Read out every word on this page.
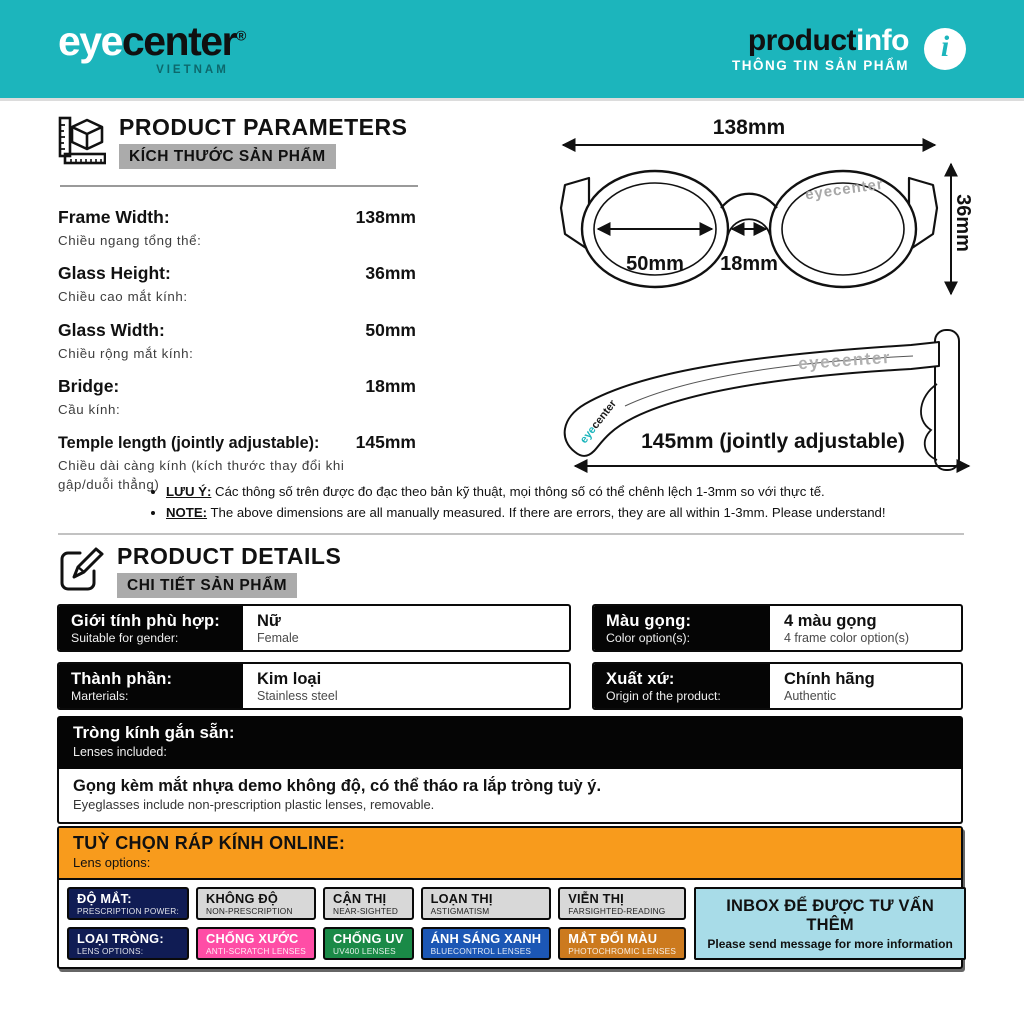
eyecenter®
VIETNAM
productinfo
THÔNG TIN SẢN PHẨM
i
PRODUCT PARAMETERS
KÍCH THƯỚC SẢN PHẨM
Frame Width:	138mm
Chiều ngang tổng thể:
Glass Height:	36mm
Chiều cao mắt kính:
Glass Width:	50mm
Chiều rộng mắt kính:
Bridge:	18mm
Cầu kính:
Temple length (jointly adjustable): 145mm
Chiều dài càng kính (kích thước thay đổi khi gập/duỗi thẳng)
138mm
eyecenter
50mm 18mm
36mm
eyecenter
eyecenter
145mm (jointly adjustable)
• LƯU Ý: Các thông số trên được đo đạc theo bản kỹ thuật, mọi thông số có thể chênh lệch 1-3mm so với thực tế.
• NOTE: The above dimensions are all manually measured. If there are errors, they are all within 1-3mm. Please understand!
PRODUCT DETAILS
CHI TIẾT SẢN PHẨM
Giới tính phù hợp:
Suitable for gender:
Nữ
Female
Màu gọng:
Color option(s):
4 màu gọng
4 frame color option(s)
Thành phần:
Marterials:
Kim loại
Stainless steel
Xuất xứ:
Origin of the product:
Chính hãng
Authentic
Tròng kính gắn sẵn:
Lenses included:
Gọng kèm mắt nhựa demo không độ, có thể tháo ra lắp tròng tuỳ ý.
Eyeglasses include non-prescription plastic lenses, removable.
TUỲ CHỌN RÁP KÍNH ONLINE:
Lens options:
ĐỘ MẮT:
PRESCRIPTION POWER:
KHÔNG ĐỘ
NON-PRESCRIPTION
CẬN THỊ
NEAR-SIGHTED
LOẠN THỊ
ASTIGMATISM
VIỄN THỊ
FARSIGHTED-READING
LOẠI TRÒNG:
LENS OPTIONS:
CHỐNG XƯỚC
ANTI-SCRATCH LENSES
CHỐNG UV
UV400 LENSES
ÁNH SÁNG XANH
BLUECONTROL LENSES
MẮT ĐỔI MÀU
PHOTOCHROMIC LENSES
INBOX ĐỂ ĐƯỢC TƯ VẤN THÊM
Please send message for more information
